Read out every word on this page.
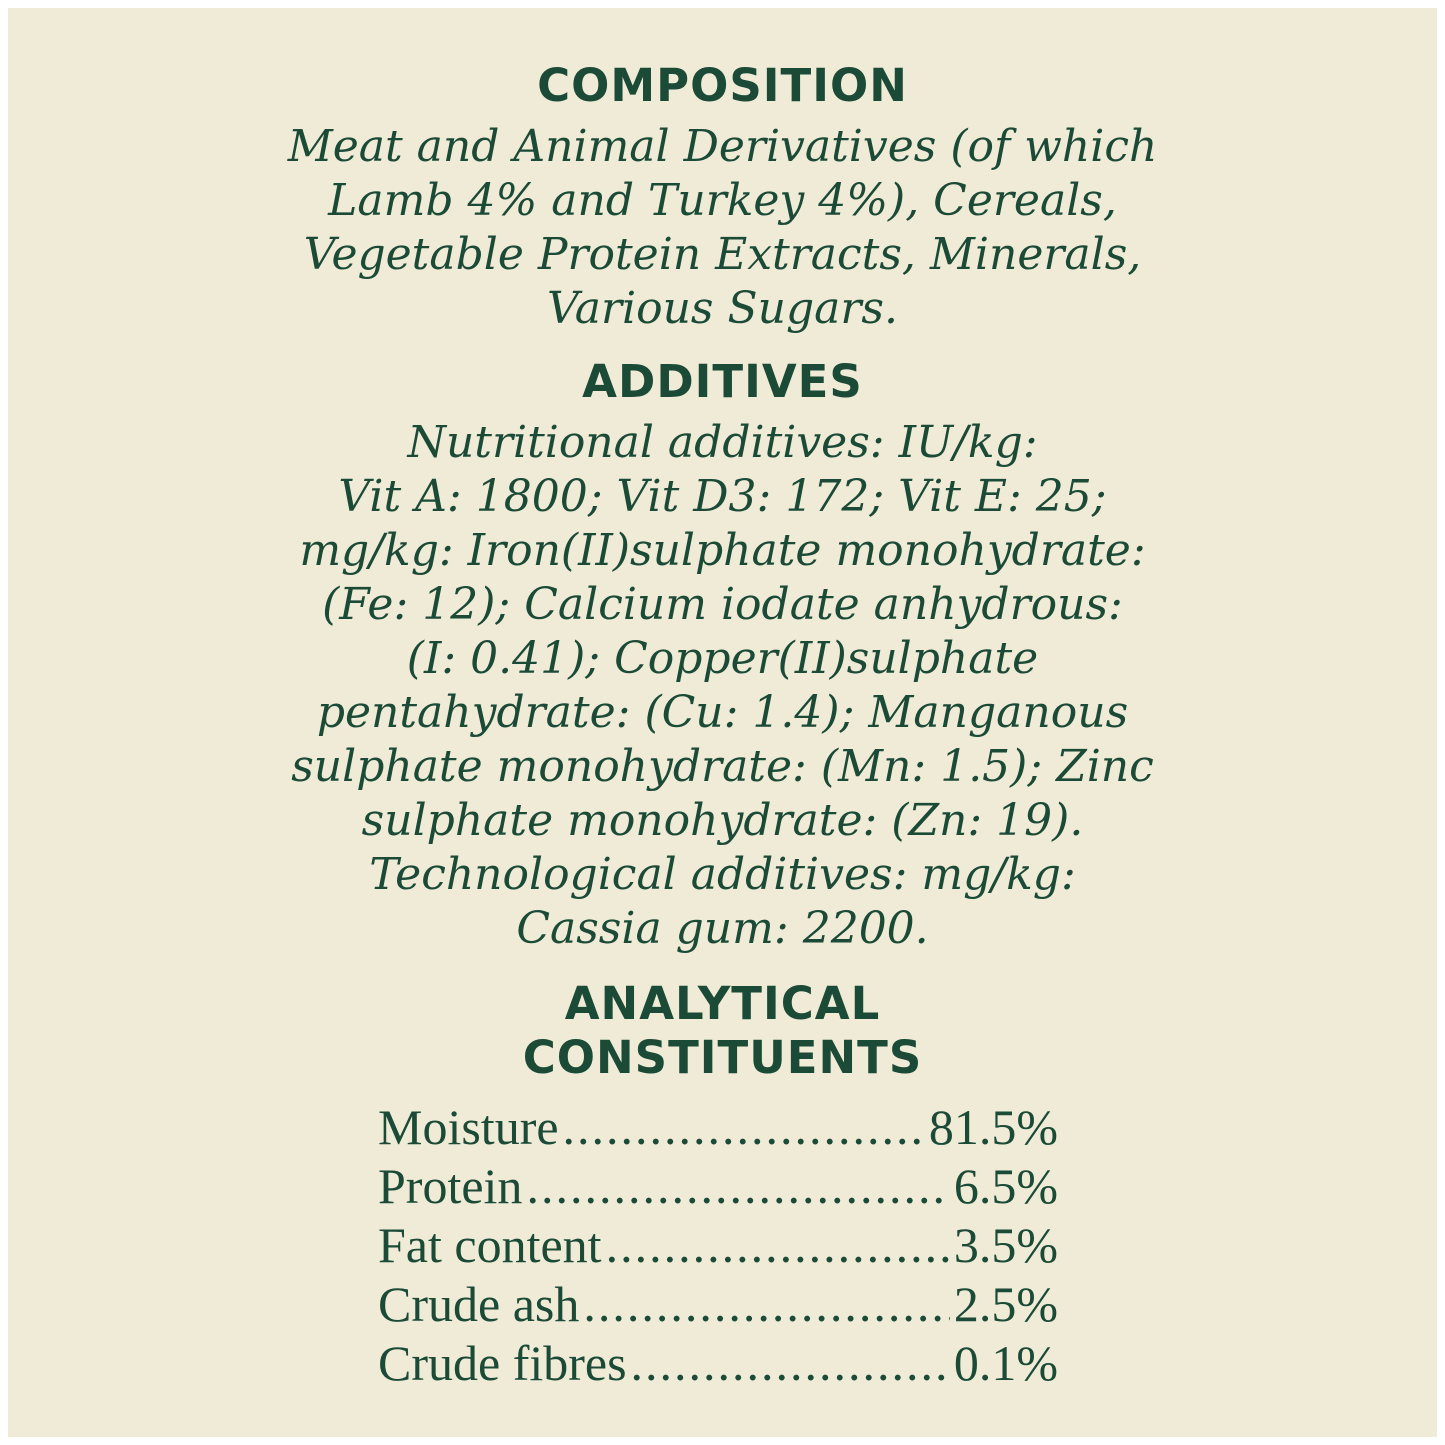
COMPOSITION

Meat and Animal Derivatives (of which
Lamb 4% and Turkey 4%), Cereals,
Vegetable Protein Extracts, Minerals,
Various Sugars.

ADDITIVES

Nutritional additives: IU/kg:
Vit A: 1800; Vit D3: 172; Vit E: 25;
mg/kg: Iron(II)sulphate monohydrate:
(Fe: 12); Calcium iodate anhydrous:
(I: 0.41); Copper(II)sulphate
pentahydrate: (Cu: 1.4); Manganous
sulphate monohydrate: (Mn: 1.5); Zinc
sulphate monohydrate: (Zn: 19).
Technological additives: mg/kg:
Cassia gum: 2200.

ANALYTICAL
CONSTITUENTS
Moisture .....	81.5%
Protein .....	6.5%
Fat content .....	3.5%
Crude ash .....	2.5%
Crude fibres .....	0.1%
